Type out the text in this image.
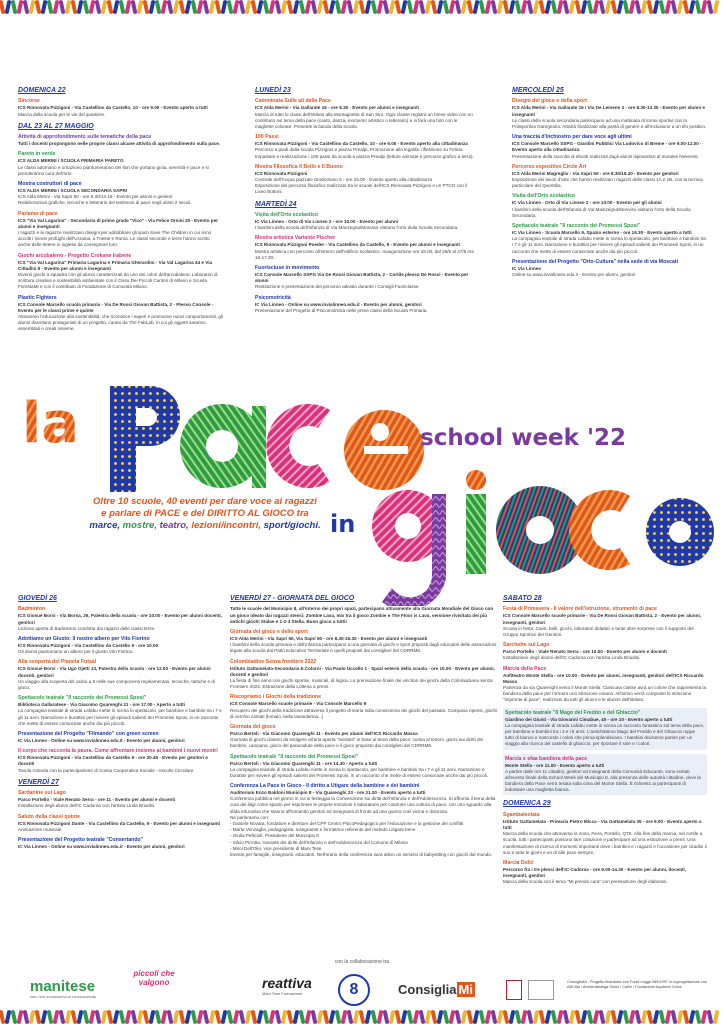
DOMENICA 22
Sincorse
ICS Rinnovata Pizzigoni - Via Castellino da Castello, 10 - ore 9.00 - Evento aperto a tutti
Marcia della scuola per le vie del quartiere.
DAL 23 AL 27 MAGGIO
Attività di approfondimento sulle tematiche della pace
Tutti i docenti propongono nelle proprie classi alcune attività di approfondimento sulla pace.
Pareto in verde
ICS ALDA MERINI / SCUOLA PRIMARIA PARETO
Le classi adornano e ornaziono piantumeranno dei fiori che portano gioia, serenità e pace e si prenderanno cura dell'orto.
Mostra costruttori di pace
ICS ALDA MERINI / SCUOLA SECONDARIA SAPRI
ICS Alda Merini - Via Sapri 50 - ore 8.30/13.15 - Evento per alunni e genitori
Rielaborazioni grafiche, tecniche e letterarie dei testimoni di pace negli ultimi 2 secoli.
Pariamo di pace
ICS "Via Val Lagarina" - Secondaria di primo grado "Vico" - Via Felice Orsini 25 - Evento per alunni e insegnanti
I ragazzi e le ragazze realizzano disegni per addobbare gli spazi Save The Children in cui sono accolti i minori profughi dell'Ucraina, a Trieste e Roma. Le classi seconde e terze hanno scritto anche delle lettere in inglese da consegnare loro.
Giochi arcobaleno - Progetto Crokane Irabene
ICS "Via Val Lagarina" Primaria Lagarina e Primaria Gherardini - Via Val Lagarina 44 e Via Cittadini 9 - Evento per alunni e insegnanti
Diversi giochi a squadra con gli alunni caratterizzati da uno dei colori dell'arcobaleno. Laboratori di scrittura creativa e sostenibilità ambientale con il Cisso Dei Piccoli Cantori di Milano e Scuola ForestaMI e con il contributo di Fondazione di Comunità Milano.
Plastic Fighters
ICS Console Marcello scuola primaria - Via De Rossi Giovan Battista, 2 - Plesso Console - Evento per le classi prime e quinte
Attraverso l'educazione alla sostenibilità, che riconosce i saperi e promuove nuovi comportamenti, gli alunni diventano protagonisti di un progetto, curato da The FabLab, in cui gli oggetti saranno assemblati e creati insieme.
LUNEDÌ 23
Camminata Sulle ali della Pace
ICS Alda Merini - Via Gallarate 15 - ore 8.30 - Evento per alunni e insegnanti
Marcia di tutte le classi dell'Istituto alla Montagnetta di San Siro. Ogni classe registra un breve video con un contributo sul tema della pace (canto, danza, momento artistico o letterario) e si farà una foto con le magliette colorate. Presente la banda della scuola.
100 Passi
ICS Rinnovata Pizzigoni - Via Castellino da Castello, 10 - ore 9.00 - Evento aperto alla cittadinanza
Percorso a piedi dalla scuola Pizzigoni e piazza Prealpi. Promozione alla legalità: riflessione su Felicia Impastato e realizzazione i 100 passi da scuola a piazza Prealpi (letture animate e percorso grafico a terra).
Mostra Filosofica Il Bello e Il Buono
ICS Rinnovata Pizzigoni
Centrale dell'Acqua piazzale Diocleziano 5 - ore 15.00 - Evento aperto alla cittadinanza
Esposizione del percorso filosofico realizzato tra le scuole dell'ICS Rinnovata Pizzigoni e un PTCO con il Liceo Bottoni.
MARTEDÌ 24
Visita dell'Orto scolastico
IC Via Linneo - Orto di Via Linneo 2 - ore 10.00 - Evento per alunni
I bambini della scuola dell'Infanzia di Via Manzegna/Monviso visitano l'orto della Scuola Secondaria.
Mostra artistica Variante Pischer
ICS Rinnovata Pizzigoni Poeder - Via Castellino da Castello, 9 - Evento per alunni e insegnanti
Mostra artistica con percorso all'interno dell'edificio scolastico. Inaugurazione ore 18.00, dal 25/5 al 27/5 ore 16-17.30.
Fuorisciuse in movimento
ICS Console Marcello SSPG Via De Rossi Giovan Battista, 2 - Cortile plesso De Rossi - Evento per alunni
Restituzione e presentazione del percorso attivato durante i Consigli Fuoriclasse.
Psicomotricità
IC Via Linneo - Online su www.invialinneo.edu.it - Evento per alunni, genitori
Presentazione del Progetto di Psicomotricità nelle prime classi della Scuola Primaria.
MERCOLEDÌ 25
Disegni del gioco e della sport
ICS Alda Merini - Via Gallarate 15 / Via De Lemene 3 - ore 8.30-13.30 - Evento per alunni e insegnanti
Le classi della scuola secondaria partecipano ad una mattinata di tornei sportivi con la Polisportiva Garegnano. Attività finalizzate alla parità di genere e all'inclusione a un tifo positivo.
Una traccia d'inchiostro per dare voce agli ultimi
ICS Console Marcello SSPG - Giardini Pubblici Via Ludovico di Breme - ore 9.00-12.00 - Evento aperto alla cittadinanza
Presentazione della raccolta di ebook realizzati dagli alunni ispirandosi al murales Neverest.
Percorso espositivo Circle Art
ICS Alda Merini Magreglio - Via Sapri 50 - ore 8.30/16.30 - Evento per genitori
Esposizione dei lavori d'arte che hanno realizzato i ragazzi delle classi 1A e 1B, con la tecnica particolare del Quentika.
Visita dell'Orto scolastico
IC Via Linneo - Orto di Via Linneo 2 - ore 10.00 - Evento per gli alunni
I bambini della scuola dell'Infanzia di Via Mainzegna/Monviso visitano l'orto della Scuola Secondaria.
Spettacolo teatrale "Il racconto dei Promessi Sposi"
IC Via Linneo - Scuola Marcello 9, Spazio esterno - ore 16.30 - Evento aperto a tutti
La compagnia teatrale di strada Lafabu mette in scena lo spettacolo, per bambine e bambini tra i 7 e gli 11 anni. Narrazione e burattini per rivivere gli episodi salienti dei Promessi Sposi, in un racconto che mette di essere consociute anche dai più piccoli.
Presentazione del Progetto "Orto-Cultura" nella sede di via Moscati
IC Via Linneo
Online su www.invialinneo.edu.it - Evento per alunni, genitori
la
in
school week '22
Oltre 10 scuole, 40 eventi per dare voce ai ragazzi
e parlare di PACE e del DIRITTO AL GIOCO tra
marce, mostre, teatro, lezioni/incontri, sport/giochi.
GIOVEDÌ 26
Badminton
ICS Giosuè Borsi - Via Borsa, 26, Palestra della scuola - ore 10.00 - Evento per alunni docenti, genitori
Lezione aperta di Badminton condotta dai ragazzi delle classi terze.
Adottiamo un Giusto: il nostro albero per Vito Fiorino
ICS Rinnovata Pizzigoni - Via Castellino da Castello 9 - ore 10.00
Gli alunni piantumano un albero per il giusto Vito Fiorino.
Alla scoperta del Pianeta Futsal
ICS Giosuè Borsi - Via Ugo Ojetti 13, Palestra della scuola - ore 12.00 - Evento per alunni docenti, genitori
Un viaggio alla scoperta del calcio a 5 nelle sue componenti regolamentari, tecniche, tattiche e di gioco.
Spettacolo teatrale "Il racconto dei Promessi Sposi"
Biblioteca Gallaratese - Via Giacomo Quarenghi 21 - ore 17.00 - Aperto a tutti
La compagnia teatrale di strada Lafabu mette in scena lo spettacolo, per bambine e bambini tra i 7 e gli 11 anni. Narrazione e burattini per rivivere gli episodi salienti dei Promessi Sposi, in un racconto che mette di essere consociute anche dai più piccoli.
Presentazione del Progetto "Filmando" con green screen
IC Via Linneo - Online su www.invialinneo.edu.it - Evento per alunni, genitori
Il corpo che racconta la paura. Come affrontare insieme ai bambini i nuovi mostri
ICS Rinnovata Pizzigoni - Via Castellino da Castello 9 - ore 20.45 - Evento per genitori e docenti
Tavola rotonda con la partecipazione di Coesa Cooperativa Sociale - Ascolto Circolare.
VENERDÌ 27
Sardanine sul Lago
Parco Portello - Viale Renato Serra - ore 11 - Evento per alunni e docenti
Installazione degli alunni dell'IC Cadorna con l'artista Linda Briudisi.
Saluto della classi quinte
ICS Rinnovata Pizzigoni Dante - Via Castellino da Castello, 9 - Evento per alunni e insegnanti
Animazione musicale.
Presentazione del Progetto teatrale "Consertando"
IC Via Linneo - Online su www.invialinneo.edu.it - Evento per alunni, genitori
VENERDÌ 27 - GIORNATA DEL GIOCO
Tutte le scuole del Municipio 8, all'interno dei propri spazi, partecipano attivamente alla Giornata Mondiale del Gioco con un gioco ideato dai ragazzi stessi: Zombie Lava, mix tra il gioco Zombie e The Floor is Lava, versione rivisitata dei più antichi giochi Stalae e 1-2-3 Stella. Buon gioco a tutti!
Giornata del gioco e dello sport
ICS Alda Merini - Via Sapri 50, Via Sapri 50 - ore 8.30-16.30 - Evento per alunni e insegnanti
I bambini della scuola primaria e dell'infanzia partecipano a una giornata di giochi e sport proposti dagli educatori delle associazioni legate alla scuola dal Patto Educativo Territoriale e quelli proposti dai consiglieri del CDRRM8.
Colombiadine Senza frontiere 2022
Istituto Gattamelata-Secondaria E.Colorni - Via Paolo Uccello 1 - Spazi esterni della scuola - ore 10.00 - Evento per alunni, docenti e genitori
La festa di fine anno con giochi sportivi, musicali, di logica. La premiazione finale dei vincitori dei giochi della Colomiaziana senza Frontiere 2022. Estrazione della Lotteria a premi.
Riscopriamo i Giochi della tradizione
ICS Console Marcello scuole primarie - Via Console Marcello 9
Recupero dei giochi della tradizione attraverso il progetto di storia sulla conoscenza dei giochi del passato. Campana ripensi, giochi di cerchio cantati (lomaio, bella lavanderina...)
Giornata del gioco
Parco Bertoli - Via Giacomo Quarenghi 11 - Evento per alunni dell'ICS Riccardo Massa
Giornata di giochi classici da svolgere all'aria aperta "rivisitati" in base al tema della pace: corsia al tesoro, giorni sui diritti dei bambini, campana, gioco del paracadute della pace e il gioco proposto dai consiglieri del CDRRM8.
Spettacolo teatrale "Il racconto dei Promessi Sposi"
Parco Bertoli - Via Giacomo Quarenghi 11 - ore 14.30 - Aperto a tutti
La compagnia teatrale di strada Lafabu mette in scena lo spettacolo, per bambine e bambini tra i 7 e gli 11 anni. Narrazione e burattini per rivivere gli episodi salienti dei Promessi Sposi, in un racconto che mette di essere consociute anche dai più piccoli.
Conferenza La Pace in Gioco - Il diritto a Utigare della bambine e dei bambini
Auditorium Enzo Baldoni Municipio 8 - Via Quarenghi 23 - ore 21.00 - Evento aperto a tutti
Conferenza pubblica nel giorno in cui si festeggia la Convenzione sui diritti dell'Infanzia e dell'Adolescenza. Si affronta il tema della cura dei litigi come spazio per esprimere le proprie emozioni e laboratorio per costruire una cultura di pace, con uno sguardo alla sfida educativa che stanno affrontando genitori ed insegnanti di fronte ad una guerra così vicina e dolorosa.
Ne parleranno con:
- Daniele Novara, fondatore e direttore del CPP Centro PsicoPedagogico per l'educazione e la gestione dei conflitti
- Marta Venzaglia, pedagogista, insegnante e formatrice referente del metodo Litigare bene
- Giulia Pellicioli, Presidente del Municipio 8
- Silvio Pirrotta, Garante dei diritti dell'Infanzia e dell'Adolescenza del Comune di Milano
- Mirol Dell'Olio, vice presidente di Mani Tese
Evento per famiglie, insegnanti, educatori. Nell'orario della conferenza sarà attivo un servizio di babysitting con giochi dal mondo.
SABATO 28
Festa di Primavera - Il valore dell'istruzione, strumento di pace
ICS Console Marcello scuole primarie - Via De Rossi Giovan Battista, 2 - Evento per alunni, insegnanti, genitori
Scuola in festa: Canti, balli, giochi, laboratori didattici e tante altre sorprese con il supporto del Gruppo Sportivo dei Genitori.
Sarchette sul Lago
Parco Portello - Viale Renato Serra - ore 10.00 - Evento per alunni e docenti
Installazione degli alunni dell'IC Cadorna con l'artista Linda Briudisi.
Marcia della Pace
Anfiteatro Monte Stella - ore 10.00 - Evento per alunni, insegnanti, genitori dell'ICS Riccardo Massa
Partenza da via Quarenghi verso il Monte Stella. Ciascuna classe avrà un colore che rappresenta la bandiera della pace per formare uno striscione umano. All'arrivo verrà composto lo striscione "impronte di pace", realizzato da tutti gli alunni e le alunne dell'istituto.
Spettacolo teatrale "Il Mago del Freddo e del Ghiaccio"
Giardino dei Giusti - Via Giovanni Cimabue, 40 - ore 10 - Evento aperto a tutti
La compagnia teatrale di strada Lafabu mette in scena un racconto fantastico sul tema della pace, per bambine e bambini tra i 3 e i 6 anni. L'antichissimo Mago del Freddo e del Ghiaccio ruppe tutto di bianco e nasconde i colori che prima splendevano. I bambini dovranno partire per un viaggio alla ricerca del castello di ghiaccio, per riportare il sole e i colori.
Marcia e sfaa bandiera della pace
Monte Stella - ore 11.00 - Evento aperto a tutti
A partire dalle ore 11 cittadini, genitori ed insegnanti della Comunità Educante, sono invitati all'evento finale della School Week del Municipio 8, alla presenza delle autorità cittadine, dove la bandiera della Pace verrà tesata sulla cima del Monte Stella. È richiesto ai partecipanti di indossare una maglietta bianca.
DOMENICA 29
Sgambaleolata
Istituto Gattamelata - Primaria Pietro Micca - Via Gattamelata 35 - ore 9.00 - Evento aperto a tutti
Marcia della scuola che attraversa la zona, Fiera, Portello, QT8. Alla fine della marcia, nel cortile a scuola, tutti i partecipanti possono fare colazione e partecipare ad una estrazione a premi. Una manifestazione di ricerca di momenti importanti dove i bambini e i ragazzi e l'occasione per citadini il suo e tutte le giorni e un di alle pace sempre.
Marcia Dolci
Percorso fra i tre plessi dell'IC Cadorna - ore 9.00-14.30 - Evento per alunni, docenti, insegnanti, genitori
Marcia della scuola con il tema "Mi prendo cura" con premiazione degli elaborati.
con la collaborazione tra
manitese
ORG. NON GOVERNATIVA DI COOPERAZIONE
piccoli che valgono	reattiva
Mani Tese Formazione	8	Consiglia Mi	ConsigliaMi - Progetto finanziato con Fondi Legge 285/1997 in coprogettazione con ABCitta / Ambientestega Onlus / Calim / Fondazione Aquilone Onlus
